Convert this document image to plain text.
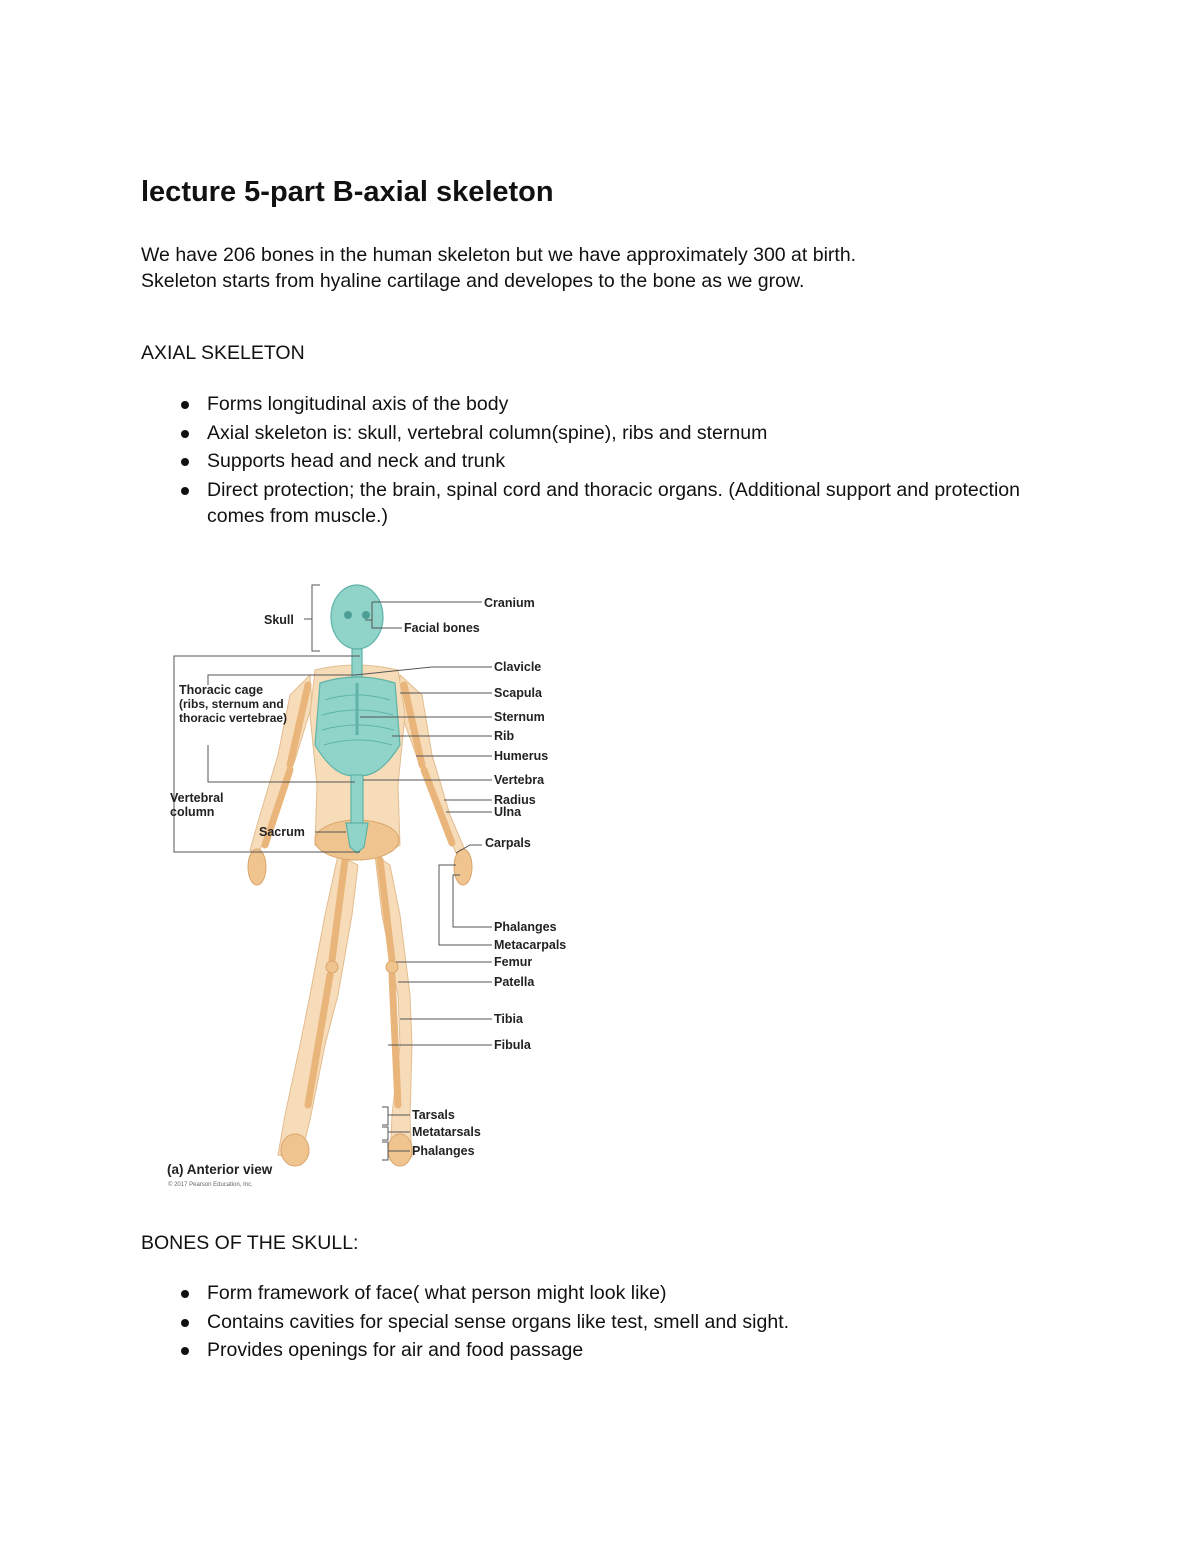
lecture 5-part B-axial skeleton

We have 206 bones in the human skeleton but we have approximately 300 at birth.

Skeleton starts from hyaline cartilage and developes to the bone as we grow.

AXIAL SKELETON
Forms longitudinal axis of the body
Axial skeleton is: skull, vertebral column(spine), ribs and sternum
Supports head and neck and trunk
Direct protection; the brain, spinal cord and thoracic organs. (Additional support and protection comes from muscle.)
Skull
Thoracic cage
(ribs, sternum and thoracic vertebrae)
Vertebral column
Sacrum
Cranium
Facial bones
Clavicle
Scapula
Sternum
Rib
Humerus
Vertebra
Radius
Ulna
Carpals
Phalanges
Metacarpals
Femur
Patella
Tibia
Fibula
Tarsals
Metatarsals
Phalanges
(a) Anterior view
© 2017 Pearson Education, Inc.
BONES OF THE SKULL:
Form framework of face( what person might look like)
Contains cavities for special sense organs like test, smell and sight.
Provides openings for air and food passage
